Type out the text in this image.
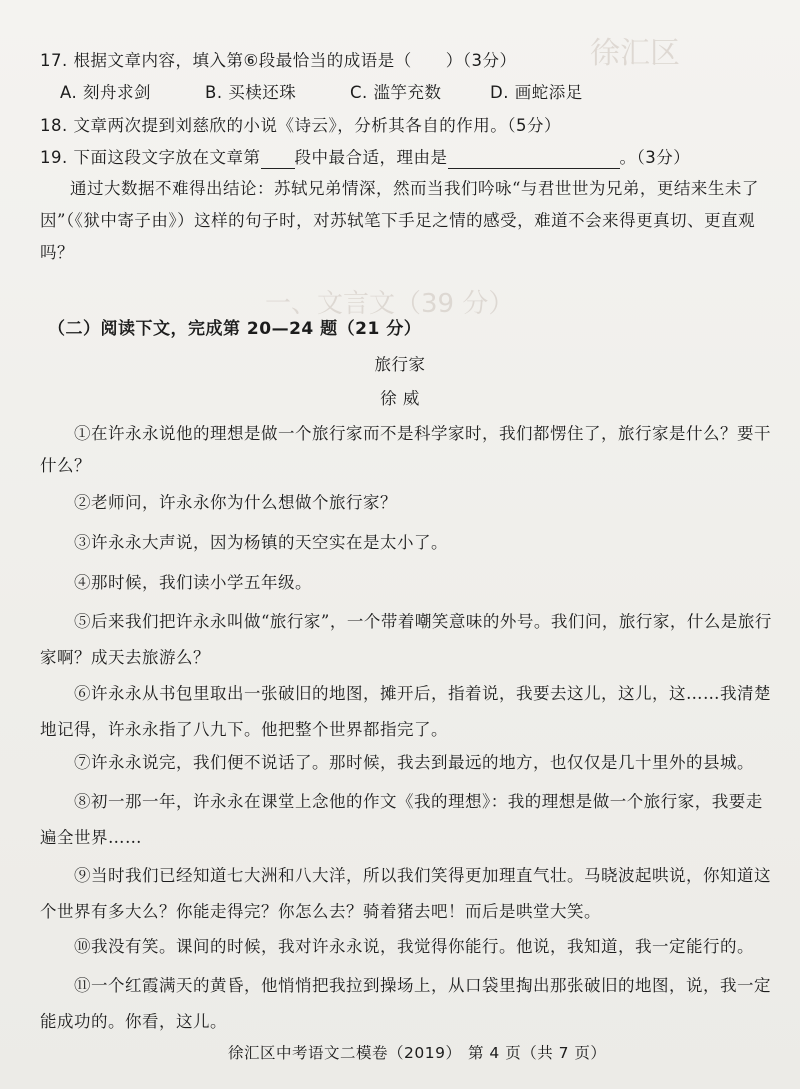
徐汇区
一、文言文（39 分）
17. 根据文章内容，填入第⑥段最恰当的成语是（　　）（3分）
A. 刻舟求剑	B. 买椟还珠	C. 滥竽充数	D. 画蛇添足
18. 文章两次提到刘慈欣的小说《诗云》，分析其各自的作用。（5分）
19. 下面这段文字放在文章第 段中最合适，理由是	。（3分）
通过大数据不难得出结论：苏轼兄弟情深，然而当我们吟咏“与君世世为兄弟，更结来生未了
因”（《狱中寄子由》）这样的句子时，对苏轼笔下手足之情的感受，难道不会来得更真切、更直观
吗？
（二）阅读下文，完成第 20—24 题（21 分）
旅行家
徐 威
①在许永永说他的理想是做一个旅行家而不是科学家时，我们都愣住了，旅行家是什么？要干什么？
②老师问，许永永你为什么想做个旅行家？
③许永永大声说，因为杨镇的天空实在是太小了。
④那时候，我们读小学五年级。
⑤后来我们把许永永叫做“旅行家”，一个带着嘲笑意味的外号。我们问，旅行家，什么是旅行家啊？成天去旅游么？
⑥许永永从书包里取出一张破旧的地图，摊开后，指着说，我要去这儿，这儿，这……我清楚地记得，许永永指了八九下。他把整个世界都指完了。
⑦许永永说完，我们便不说话了。那时候，我去到最远的地方，也仅仅是几十里外的县城。
⑧初一那一年，许永永在课堂上念他的作文《我的理想》：我的理想是做一个旅行家，我要走遍全世界……
⑨当时我们已经知道七大洲和八大洋，所以我们笑得更加理直气壮。马晓波起哄说，你知道这个世界有多大么？你能走得完？你怎么去？骑着猪去吧！而后是哄堂大笑。
⑩我没有笑。课间的时候，我对许永永说，我觉得你能行。他说，我知道，我一定能行的。
⑪一个红霞满天的黄昏，他悄悄把我拉到操场上，从口袋里掏出那张破旧的地图，说，我一定能成功的。你看，这儿。
徐汇区中考语文二模卷（2019） 第 4 页（共 7 页）
